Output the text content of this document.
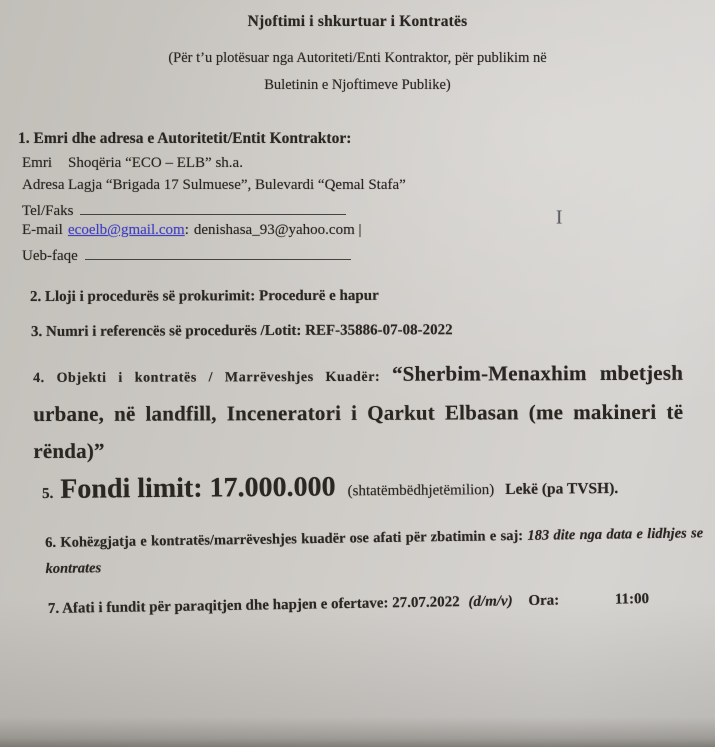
Njoftimi i shkurtuar i Kontratës
(Për t’u plotësuar nga Autoriteti/Enti Kontraktor, për publikim në
Buletinin e Njoftimeve Publike)
1. Emri dhe adresa e Autoritetit/Entit Kontraktor:
Emri	Shoqëria “ECO – ELB” sh.a.
Adresa Lagja “Brigada 17 Sulmuese”, Bulevardi “Qemal Stafa”
Tel/Faks
E-mail ecoelb@gmail.com : denishasa_93@yahoo.com |
Ueb-faqe
2. Lloji i procedurës së prokurimit: Procedurë e hapur
3. Numri i referencës së procedurës /Lotit: REF-35886-07-08-2022
4. Objekti i kontratës / Marrëveshjes Kuadër: “Sherbim-Menaxhim mbetjesh urbane, në landfill, Inceneratori i Qarkut Elbasan (me makineri të rënda)”
5. Fondi limit: 17.000.000 (shtatëmbëdhjetëmilion) Lekë (pa TVSH).
6. Kohëzgjatja e kontratës/marrëveshjes kuadër ose afati për zbatimin e saj: 183 dite nga data e lidhjes se kontrates
7. Afati i fundit për paraqitjen dhe hapjen e ofertave: 27.07.2022 (d/m/v) Ora:	11:00
I
